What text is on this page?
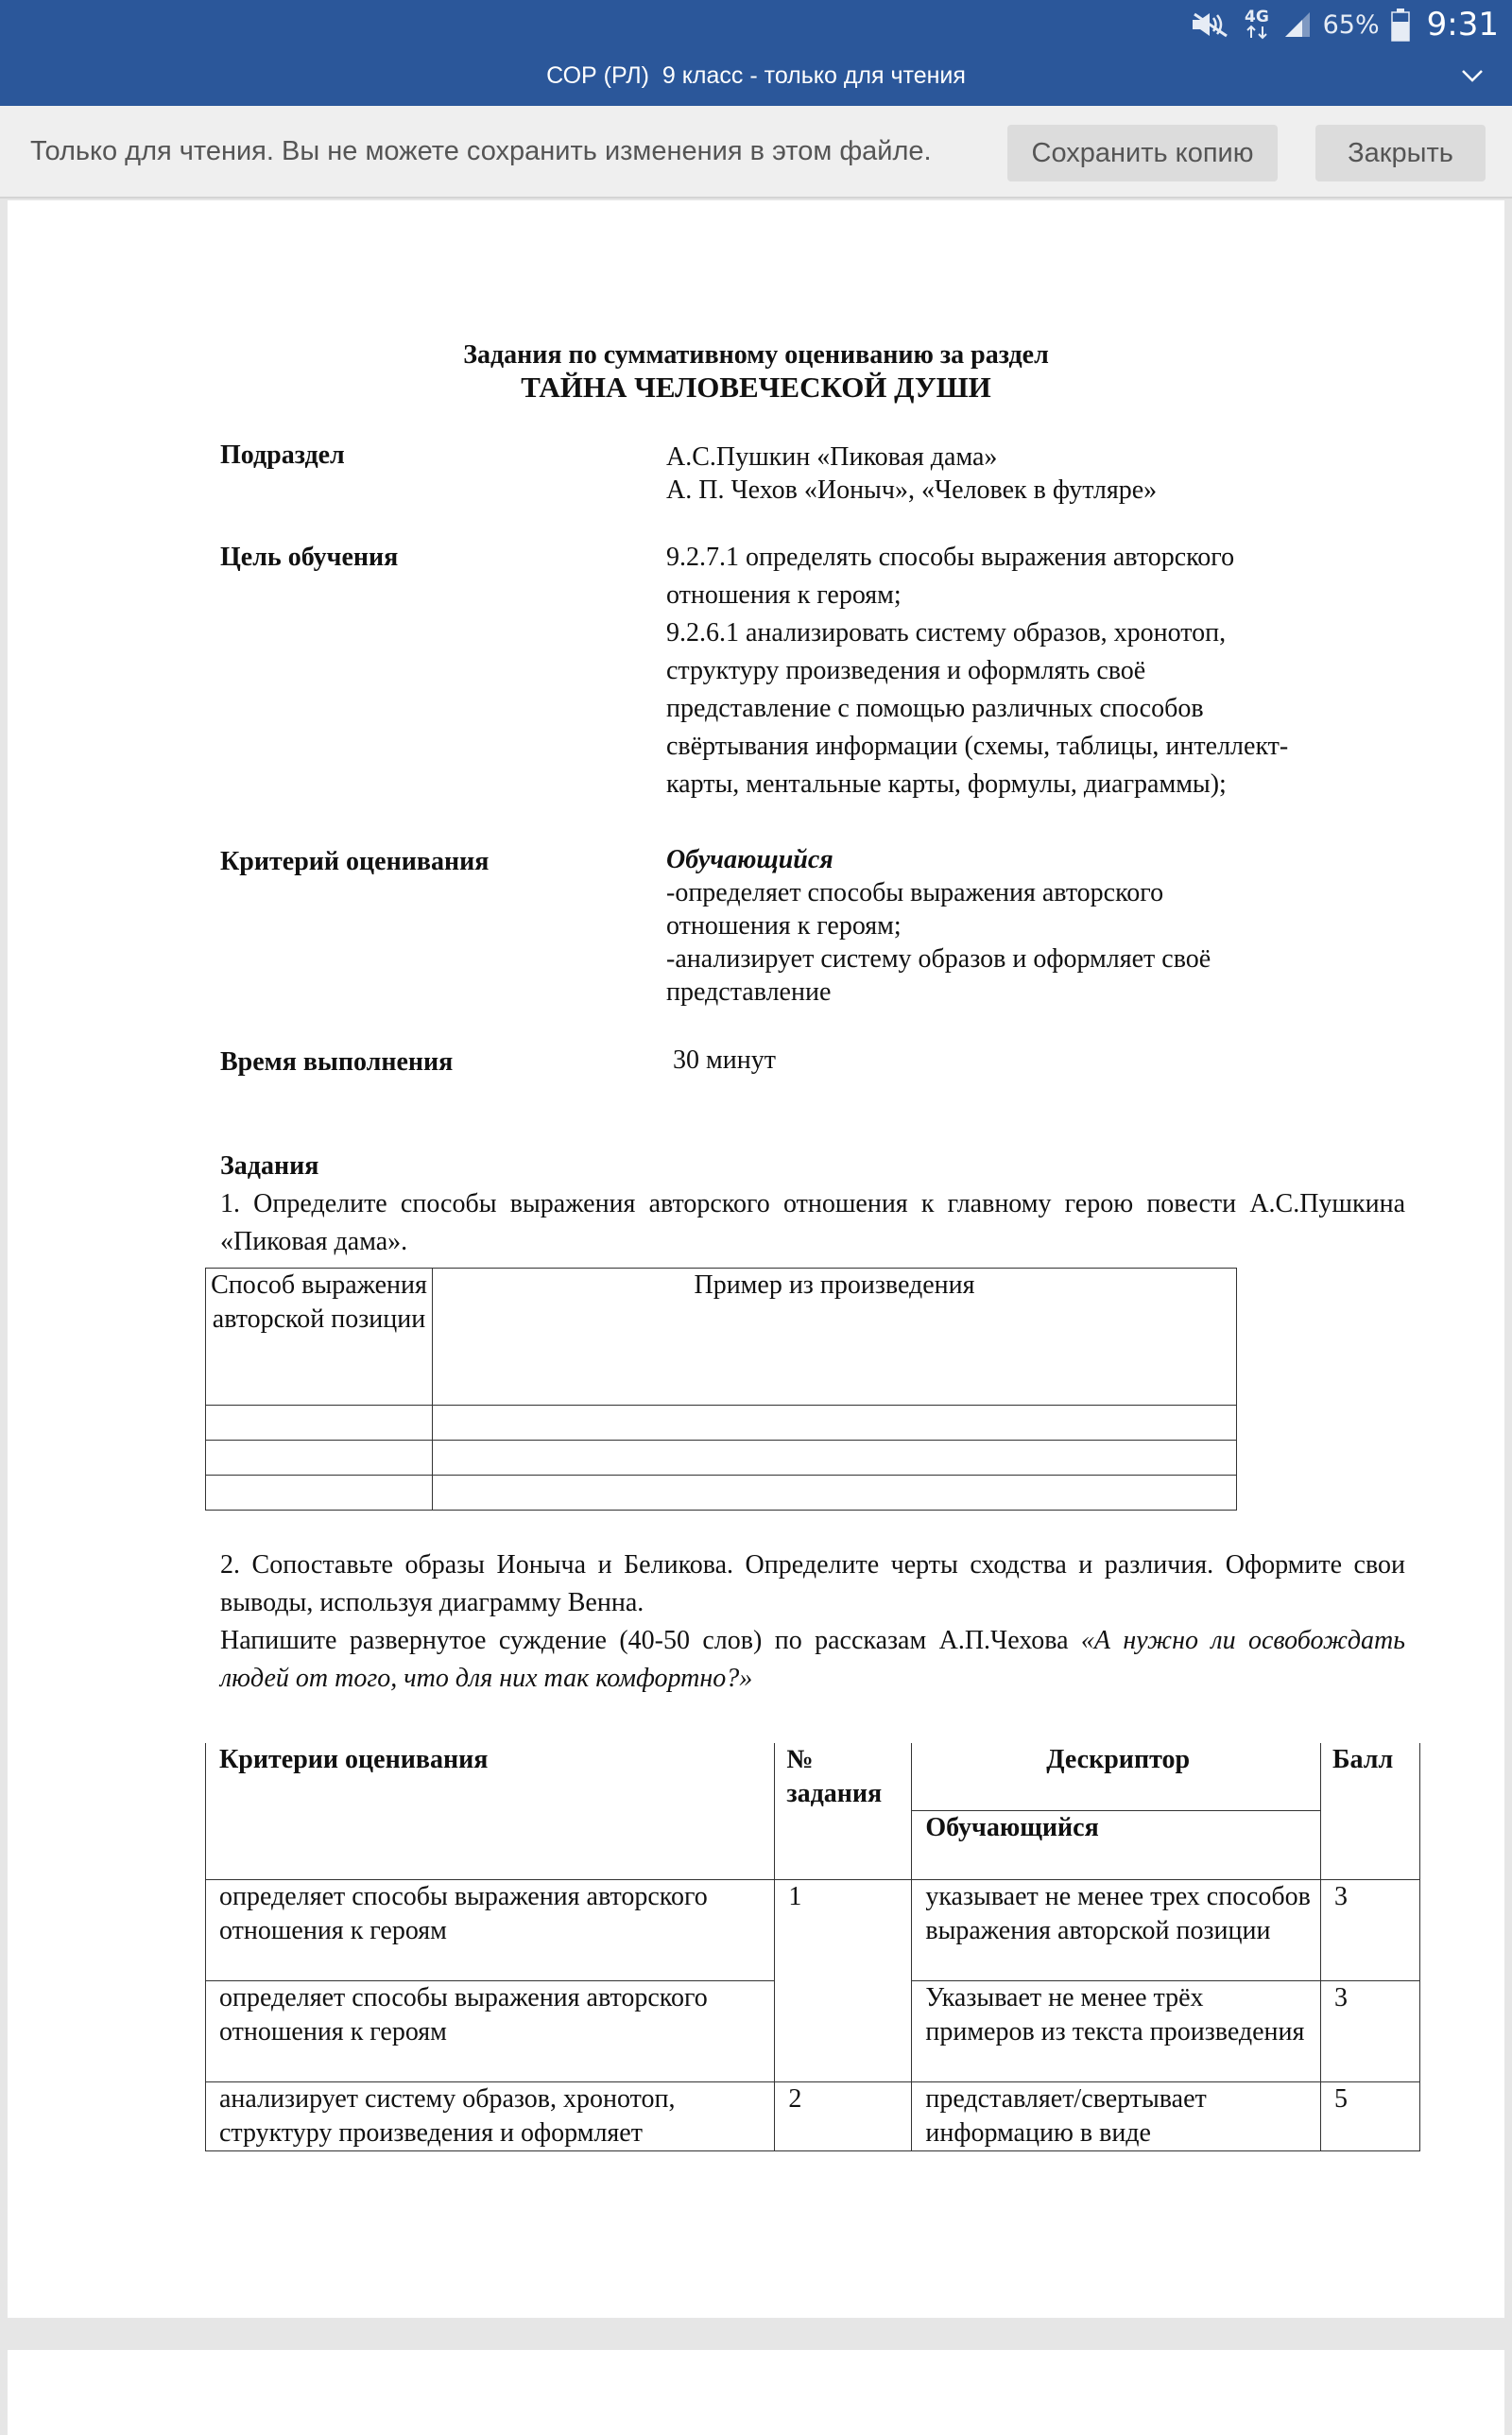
4G 65% 9:31
СОР (РЛ)  9 класс - только для чтения
Только для чтения. Вы не можете сохранить изменения в этом файле.	Сохранить копию	Закрыть
Задания по суммативному оцениванию за раздел
ТАЙНА ЧЕЛОВЕЧЕСКОЙ ДУШИ
Подраздел	А.С.Пушкин «Пиковая дама»
А. П. Чехов «Ионыч», «Человек в футляре»
Цель обучения	9.2.7.1 определять способы выражения авторского
отношения к героям;
9.2.6.1 анализировать систему образов, хронотоп,
структуру произведения и оформлять своё
представление с помощью различных способов
свёртывания информации (схемы, таблицы, интеллект-
карты, ментальные карты, формулы, диаграммы);
Критерий оценивания	Обучающийся
-определяет способы выражения авторского
отношения к героям;
-анализирует систему образов и оформляет своё
представление
Время выполнения	30 минут
Задания
1. Определите способы выражения авторского отношения к главному герою повести А.С.Пушкина «Пиковая дама».
Способ выражения авторской позиции	Пример из произведения

2. Сопоставьте образы Ионыча и Беликова. Определите черты сходства и различия. Оформите свои выводы, используя диаграмму Венна.
Напишите развернутое суждение (40-50 слов) по рассказам А.П.Чехова «А нужно ли освобождать людей от того, что для них так комфортно?»
Критерии оценивания	№ задания	Дескриптор	Балл
		Обучающийся	
определяет способы выражения авторского отношения к героям	1	указывает не менее трех способов выражения авторской позиции	3
определяет способы выражения авторского отношения к героям		Указывает не менее трёх примеров из текста произведения	3
анализирует систему образов, хронотоп, структуру произведения и оформляет	2	представляет/свертывает информацию в виде	5
